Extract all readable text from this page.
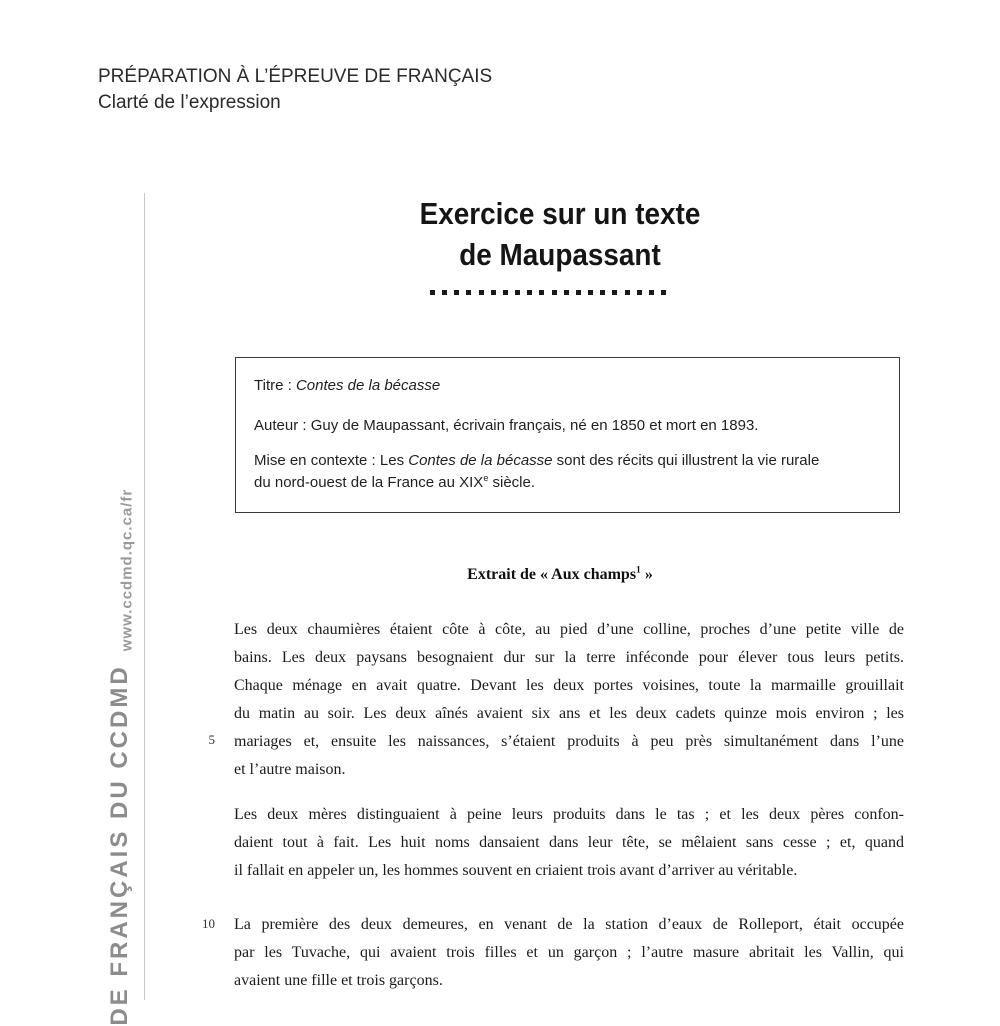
PRÉPARATION À L’ÉPREUVE DE FRANÇAIS
Clarté de l’expression
www.ccdmd.qc.ca/fr
DE FRANÇAIS DU CCDMD
Exercice sur un texte
de Maupassant

Titre : Contes de la bécasse

Auteur : Guy de Maupassant, écrivain français, né en 1850 et mort en 1893.

Mise en contexte : Les Contes de la bécasse sont des récits qui illustrent la vie rurale
du nord-ouest de la France au XIXe siècle.

Extrait de « Aux champs$^1$ »
Les deux chaumières étaient côte à côte, au pied d’une colline, proches d’une petite ville de
bains. Les deux paysans besognaient dur sur la terre inféconde pour élever tous leurs petits.
Chaque ménage en avait quatre. Devant les deux portes voisines, toute la marmaille grouillait
du matin au soir. Les deux aînés avaient six ans et les deux cadets quinze mois environ ; les
mariages et, ensuite les naissances, s’étaient produits à peu près simultanément dans l’une
et l’autre maison.
Les deux mères distinguaient à peine leurs produits dans le tas ; et les deux pères confon-
daient tout à fait. Les huit noms dansaient dans leur tête, se mêlaient sans cesse ; et, quand
il fallait en appeler un, les hommes souvent en criaient trois avant d’arriver au véritable.
La première des deux demeures, en venant de la station d’eaux de Rolleport, était occupée
par les Tuvache, qui avaient trois filles et un garçon ; l’autre masure abritait les Vallin, qui
avaient une fille et trois garçons.
5
10
